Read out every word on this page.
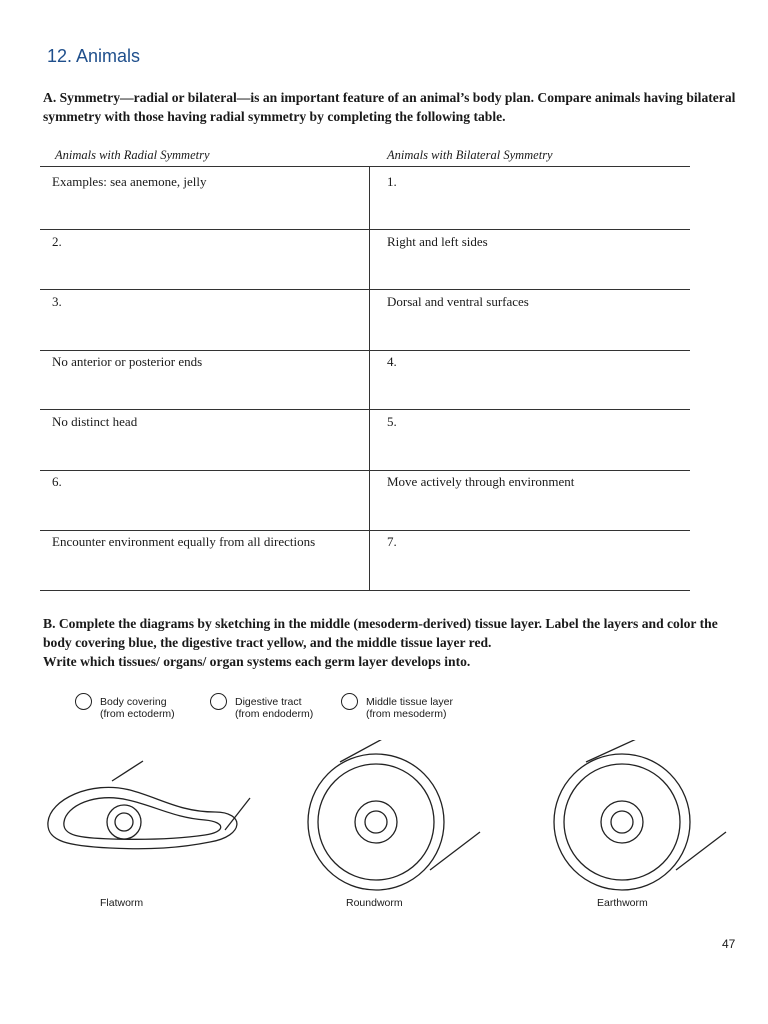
12. Animals
A. Symmetry—radial or bilateral—is an important feature of an animal’s body plan. Compare animals having bilateral symmetry with those having radial symmetry by completing the following table.
Animals with Radial Symmetry	Animals with Bilateral Symmetry
Examples: sea anemone, jelly	1.
2.	Right and left sides
3.	Dorsal and ventral surfaces
No anterior or posterior ends	4.
No distinct head	5.
6.	Move actively through environment
Encounter environment equally from all directions	7.
B. Complete the diagrams by sketching in the middle (mesoderm-derived) tissue layer. Label the layers and color the body covering blue, the digestive tract yellow, and the middle tissue layer red.
Write which tissues/ organs/ organ systems each germ layer develops into.
Body covering
(from ectoderm)
Digestive tract
(from endoderm)
Middle tissue layer
(from mesoderm)
Flatworm	Roundworm	Earthworm
47
